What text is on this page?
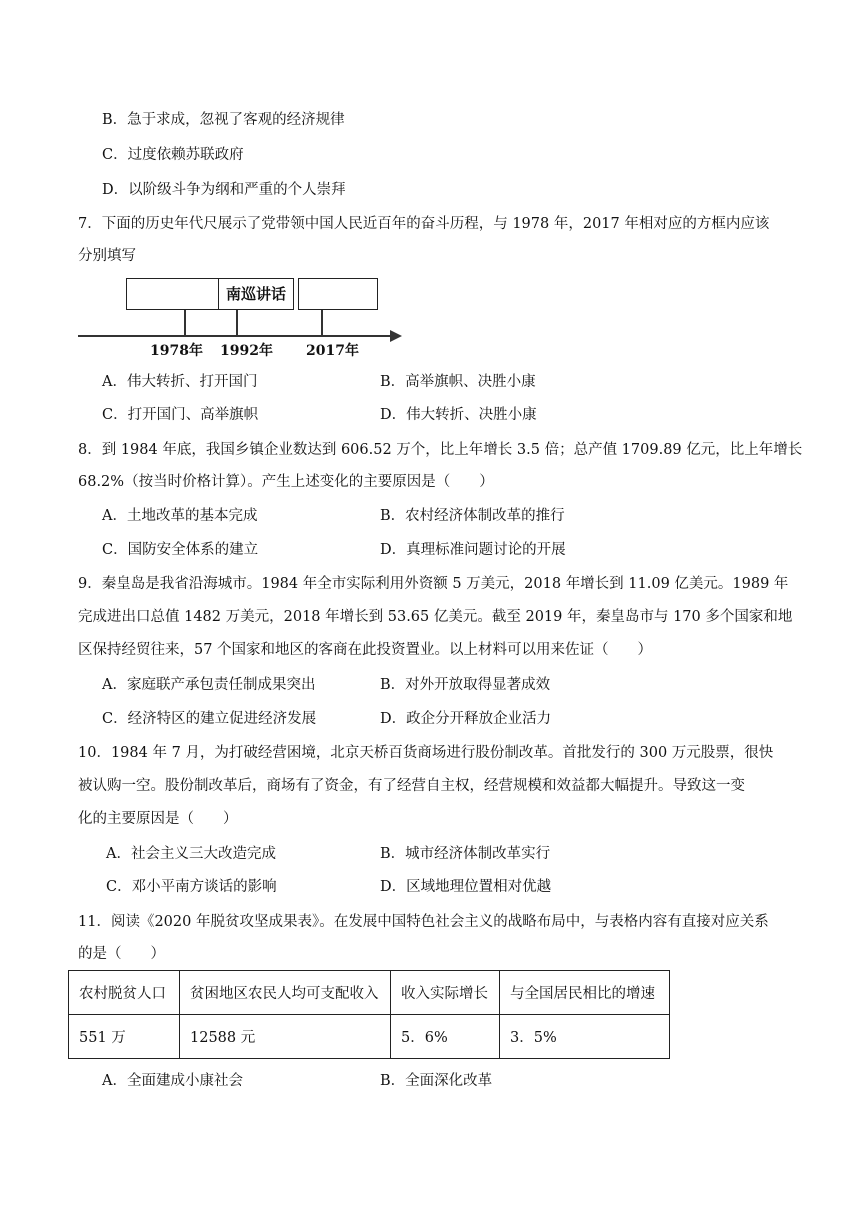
B．急于求成，忽视了客观的经济规律
C．过度依赖苏联政府
D．以阶级斗争为纲和严重的个人崇拜
7．下面的历史年代尺展示了党带领中国人民近百年的奋斗历程，与 1978 年，2017 年相对应的方框内应该
分别填写
南巡讲话
1978年 1992年 2017年
A．伟大转折、打开国门	B．高举旗帜、决胜小康
C．打开国门、高举旗帜	D．伟大转折、决胜小康
8．到 1984 年底，我国乡镇企业数达到 606.52 万个，比上年增长 3.5 倍；总产值 1709.89 亿元，比上年增长
68.2%（按当时价格计算）。产生上述变化的主要原因是（　　）
A．土地改革的基本完成	B．农村经济体制改革的推行
C．国防安全体系的建立	D．真理标准问题讨论的开展
9．秦皇岛是我省沿海城市。1984 年全市实际利用外资额 5 万美元，2018 年增长到 11.09 亿美元。1989 年
完成进出口总值 1482 万美元，2018 年增长到 53.65 亿美元。截至 2019 年，秦皇岛市与 170 多个国家和地
区保持经贸往来，57 个国家和地区的客商在此投资置业。以上材料可以用来佐证（　　）
A．家庭联产承包责任制成果突出	B．对外开放取得显著成效
C．经济特区的建立促进经济发展	D．政企分开释放企业活力
10．1984 年 7 月，为打破经营困境，北京天桥百货商场进行股份制改革。首批发行的 300 万元股票，很快
被认购一空。股份制改革后，商场有了资金，有了经营自主权，经营规模和效益都大幅提升。导致这一变
化的主要原因是（　　）
A．社会主义三大改造完成	B．城市经济体制改革实行
C．邓小平南方谈话的影响	D．区域地理位置相对优越
11．阅读《2020 年脱贫攻坚成果表》。在发展中国特色社会主义的战略布局中，与表格内容有直接对应关系
的是（　　）
农村脱贫人口	贫困地区农民人均可支配收入	收入实际增长	与全国居民相比的增速
551 万	12588 元	5．6%	3．5%
A．全面建成小康社会	B．全面深化改革
